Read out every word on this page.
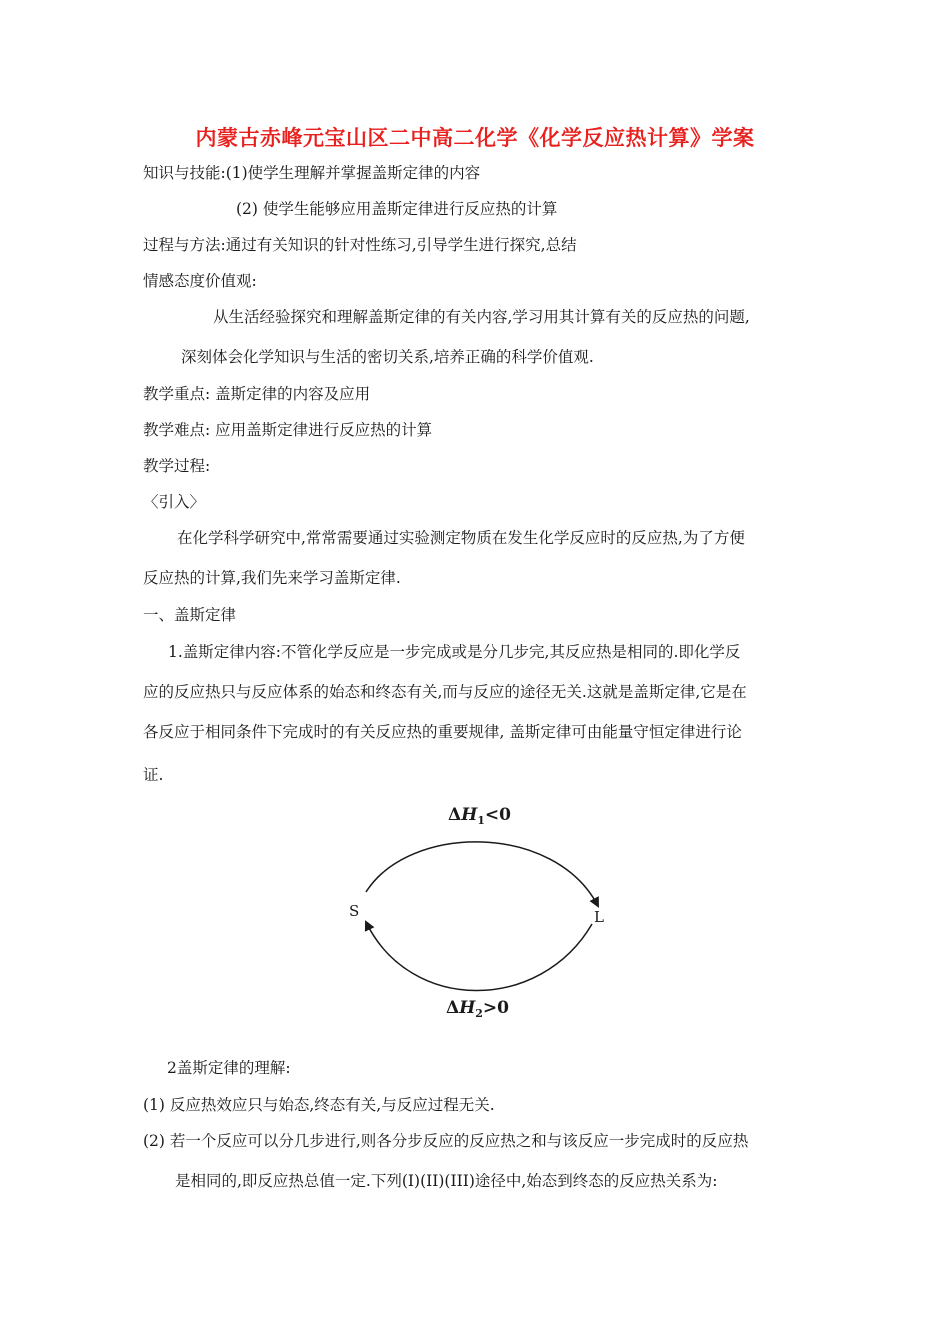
内蒙古赤峰元宝山区二中高二化学《化学反应热计算》学案
知识与技能:(1)使学生理解并掌握盖斯定律的内容
(2) 使学生能够应用盖斯定律进行反应热的计算
过程与方法:通过有关知识的针对性练习,引导学生进行探究,总结
情感态度价值观:
从生活经验探究和理解盖斯定律的有关内容,学习用其计算有关的反应热的问题,
深刻体会化学知识与生活的密切关系,培养正确的科学价值观.
教学重点: 盖斯定律的内容及应用
教学难点: 应用盖斯定律进行反应热的计算
教学过程:
〈引入〉
在化学科学研究中,常常需要通过实验测定物质在发生化学反应时的反应热,为了方便
反应热的计算,我们先来学习盖斯定律.
一、盖斯定律
1.盖斯定律内容:不管化学反应是一步完成或是分几步完,其反应热是相同的.即化学反
应的反应热只与反应体系的始态和终态有关,而与反应的途径无关.这就是盖斯定律,它是在
各反应于相同条件下完成时的有关反应热的重要规律, 盖斯定律可由能量守恒定律进行论
证.
$\Delta H_1<0$
S	L
$\Delta H_2>0$
2盖斯定律的理解:
(1) 反应热效应只与始态,终态有关,与反应过程无关.
(2) 若一个反应可以分几步进行,则各分步反应的反应热之和与该反应一步完成时的反应热
是相同的,即反应热总值一定.下列(I)(II)(III)途径中,始态到终态的反应热关系为:
